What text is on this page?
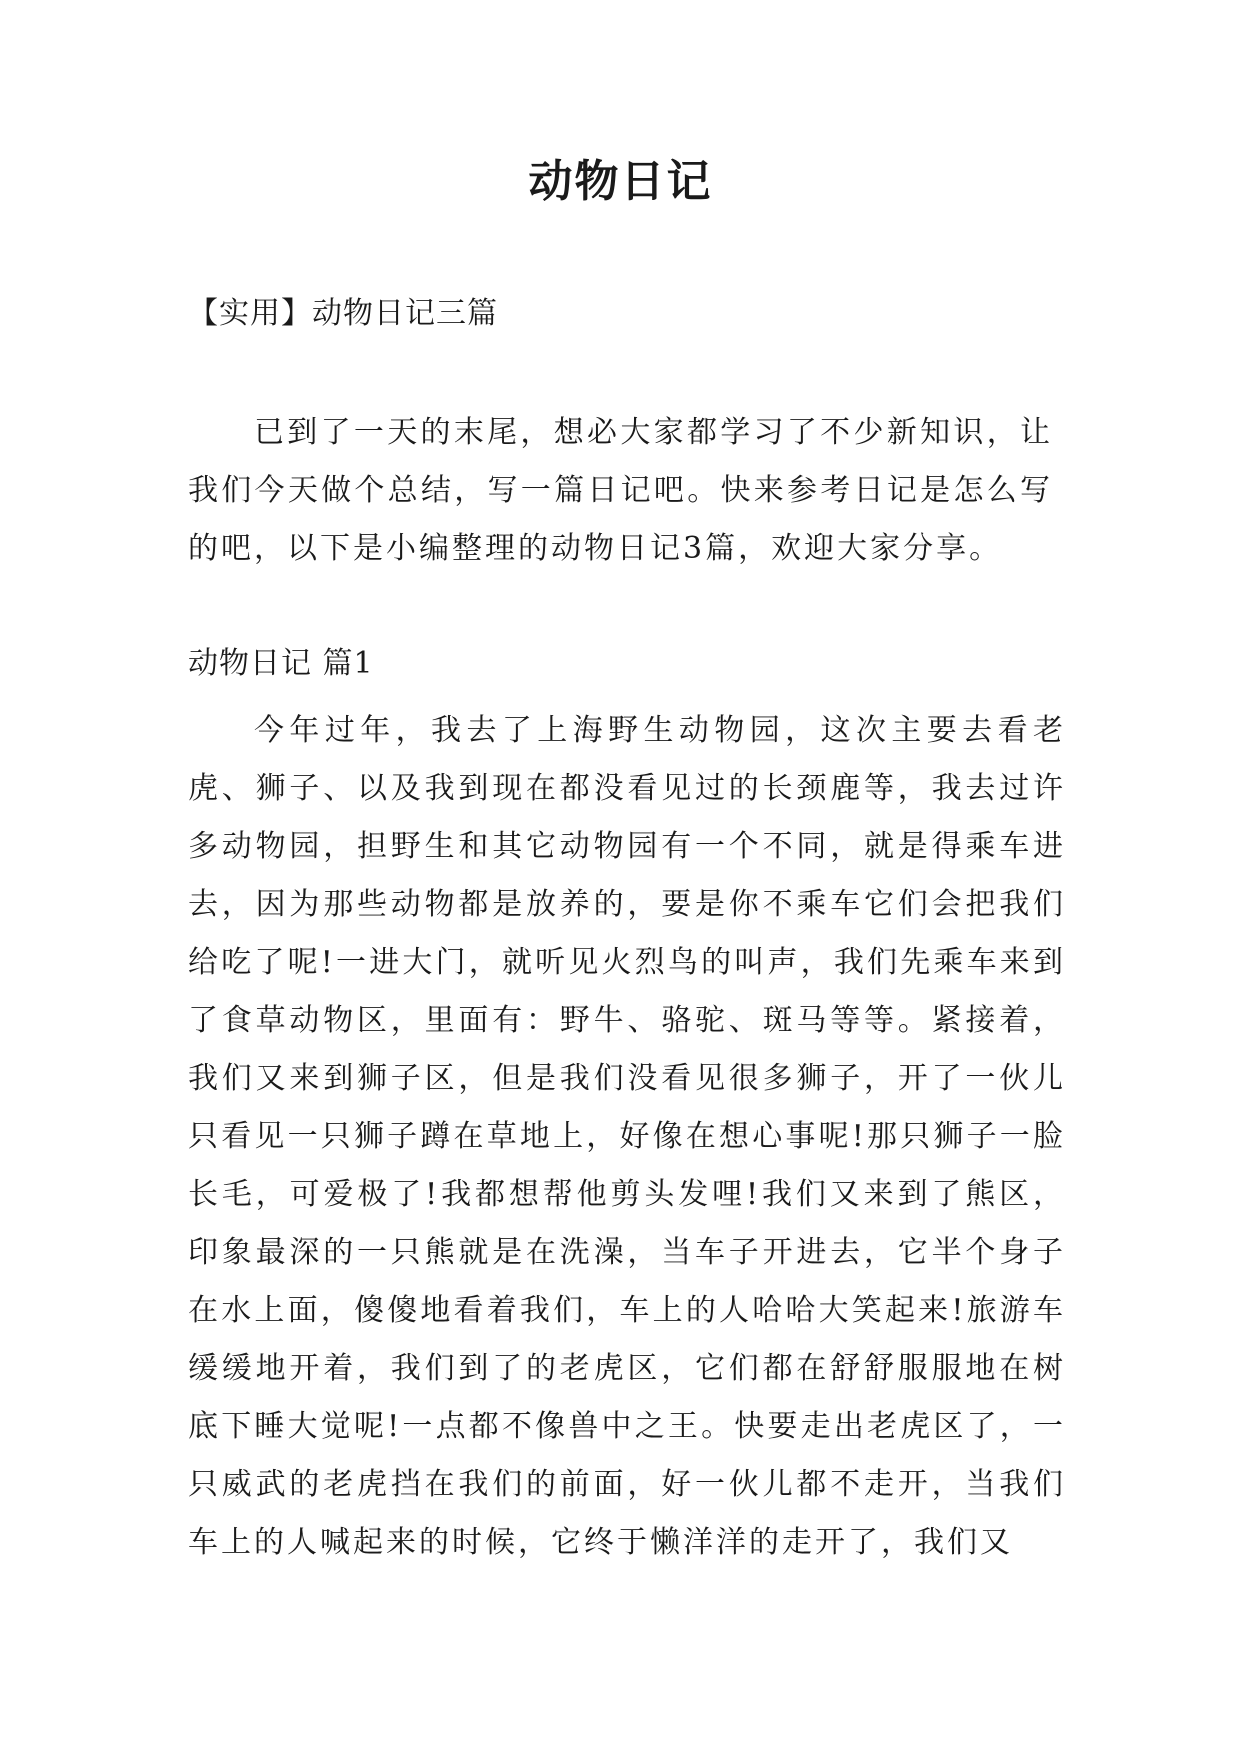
动物日记

【实用】动物日记三篇

已到了一天的末尾，想必大家都学习了不少新知识，让我们今天做个总结，写一篇日记吧。快来参考日记是怎么写的吧，以下是小编整理的动物日记3篇，欢迎大家分享。

动物日记 篇1

今年过年，我去了上海野生动物园，这次主要去看老虎、狮子、以及我到现在都没看见过的长颈鹿等，我去过许多动物园，担野生和其它动物园有一个不同，就是得乘车进去，因为那些动物都是放养的，要是你不乘车它们会把我们给吃了呢!一进大门，就听见火烈鸟的叫声，我们先乘车来到了食草动物区，里面有：野牛、骆驼、斑马等等。紧接着，我们又来到狮子区，但是我们没看见很多狮子，开了一伙儿只看见一只狮子蹲在草地上，好像在想心事呢!那只狮子一脸长毛，可爱极了!我都想帮他剪头发哩!我们又来到了熊区，印象最深的一只熊就是在洗澡，当车子开进去，它半个身子在水上面，傻傻地看着我们，车上的人哈哈大笑起来!旅游车缓缓地开着，我们到了的老虎区，它们都在舒舒服服地在树底下睡大觉呢!一点都不像兽中之王。快要走出老虎区了，一只威武的老虎挡在我们的前面，好一伙儿都不走开，当我们车上的人喊起来的时候，它终于懒洋洋的走开了，我们又
